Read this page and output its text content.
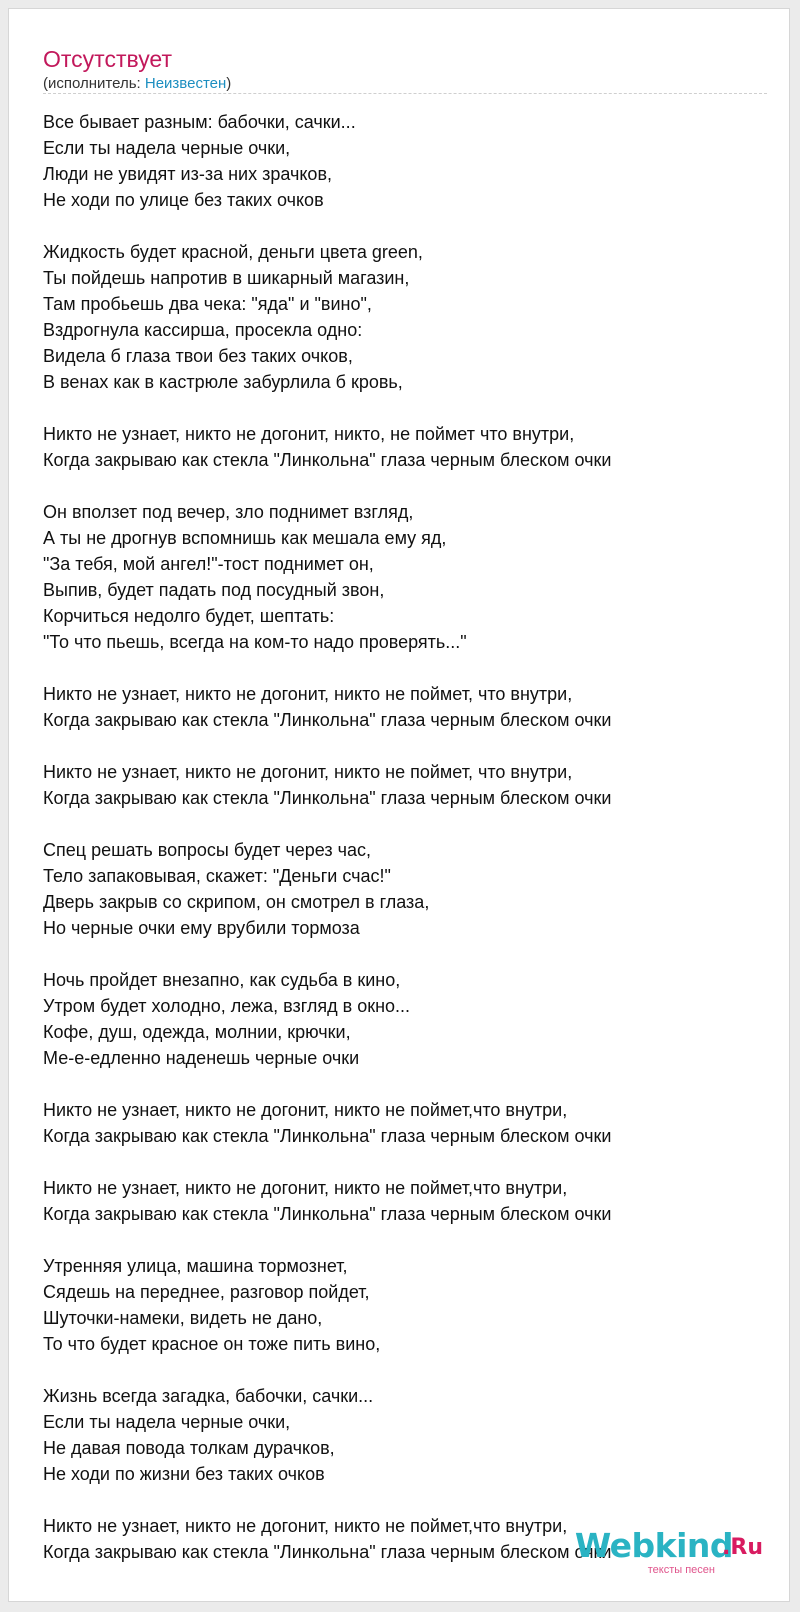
Отсутствует
(исполнитель: Неизвестен)
Все бывает разным: бабочки, сачки...
Если ты надела черные очки,
Люди не увидят из-за них зрачков,
Не ходи по улице без таких очков
Жидкость будет красной, деньги цвета green,
Ты пойдешь напротив в шикарный магазин,
Там пробьешь два чека: "яда" и "вино",
Вздрогнула кассирша, просекла одно:
Видела б глаза твои без таких очков,
В венах как в кастрюле забурлила б кровь,
Никто не узнает, никто не догонит, никто, не поймет что внутри,
Когда закрываю как стекла "Линкольна" глаза черным блеском очки
Он вползет под вечер, зло поднимет взгляд,
А ты не дрогнув вспомнишь как мешала ему яд,
"За тебя, мой ангел!"-тост поднимет он,
Выпив, будет падать под посудный звон,
Корчиться недолго будет, шептать:
"То что пьешь, всегда на ком-то надо проверять..."
Никто не узнает, никто не догонит, никто не поймет, что внутри,
Когда закрываю как стекла "Линкольна" глаза черным блеском очки
Никто не узнает, никто не догонит, никто не поймет, что внутри,
Когда закрываю как стекла "Линкольна" глаза черным блеском очки
Спец решать вопросы будет через час,
Тело запаковывая, скажет: "Деньги счас!"
Дверь закрыв со скрипом, он смотрел в глаза,
Но черные очки ему врубили тормоза
Ночь пройдет внезапно, как судьба в кино,
Утром будет холодно, лежа, взгляд в окно...
Кофе, душ, одежда, молнии, крючки,
Ме-е-едленно наденешь черные очки
Никто не узнает, никто не догонит, никто не поймет,что внутри,
Когда закрываю как стекла "Линкольна" глаза черным блеском очки
Никто не узнает, никто не догонит, никто не поймет,что внутри,
Когда закрываю как стекла "Линкольна" глаза черным блеском очки
Утренняя улица, машина тормознет,
Сядешь на переднее, разговор пойдет,
Шуточки-намеки, видеть не дано,
То что будет красное он тоже пить вино,
Жизнь всегда загадка, бабочки, сачки...
Если ты надела черные очки,
Не давая повода толкам дурачков,
Не ходи по жизни без таких очков
Никто не узнает, никто не догонит, никто не поймет,что внутри,
Когда закрываю как стекла "Линкольна" глаза черным блеском очки
Webkind
.Ru
тексты песен
